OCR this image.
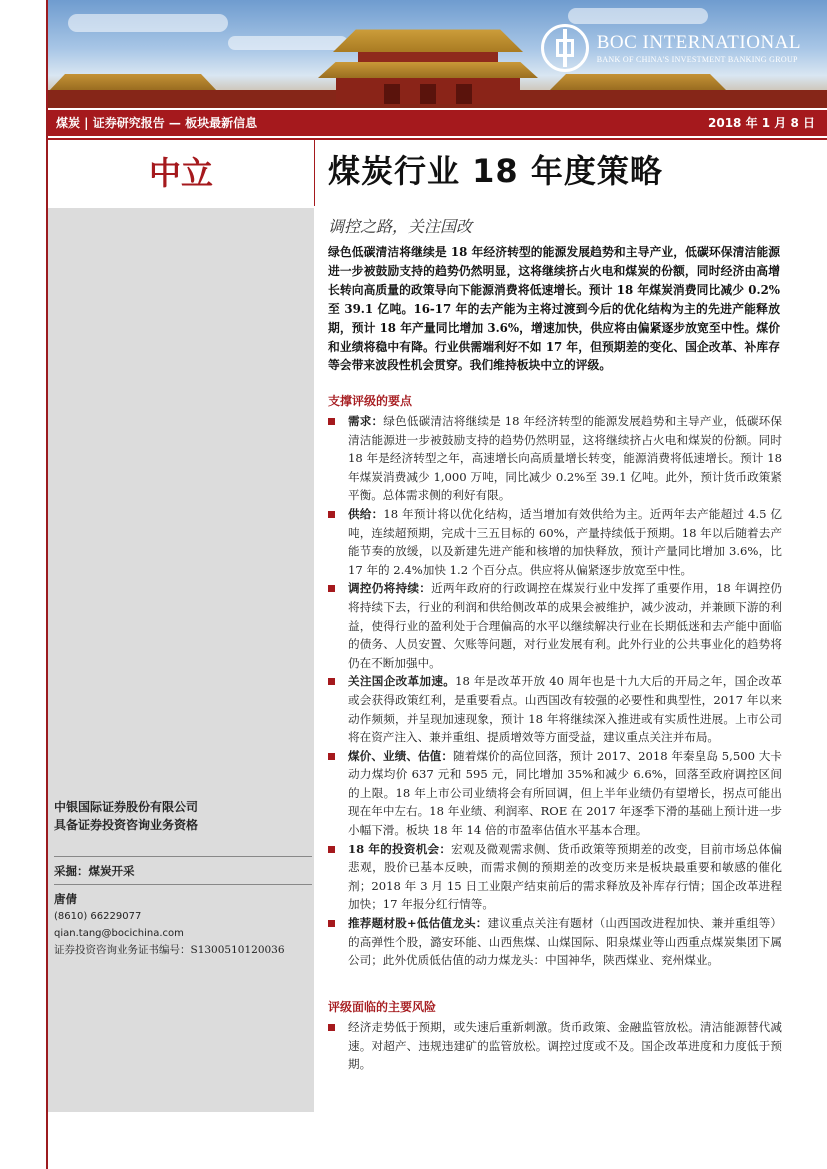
BOC INTERNATIONAL
BANK OF CHINA'S INVESTMENT BANKING GROUP
煤炭 | 证券研究报告 — 板块最新信息	2018 年 1 月 8 日
中立
中银国际证券股份有限公司
具备证券投资咨询业务资格
采掘：煤炭开采
唐倩
(8610) 66229077
qian.tang@bocichina.com
证券投资咨询业务证书编号：S1300510120036
煤炭行业 18 年度策略
调控之路，关注国改
绿色低碳清洁将继续是 18 年经济转型的能源发展趋势和主导产业，低碳环保清洁能源进一步被鼓励支持的趋势仍然明显，这将继续挤占火电和煤炭的份额，同时经济由高增长转向高质量的政策导向下能源消费将低速增长。预计 18 年煤炭消费同比减少 0.2%至 39.1 亿吨。16-17 年的去产能为主将过渡到今后的优化结构为主的先进产能释放期，预计 18 年产量同比增加 3.6%，增速加快，供应将由偏紧逐步放宽至中性。煤价和业绩将稳中有降。行业供需端利好不如 17 年，但预期差的变化、国企改革、补库存等会带来波段性机会贯穿。我们维持板块中立的评级。
支撑评级的要点
需求：绿色低碳清洁将继续是 18 年经济转型的能源发展趋势和主导产业，低碳环保清洁能源进一步被鼓励支持的趋势仍然明显，这将继续挤占火电和煤炭的份额。同时 18 年是经济转型之年，高速增长向高质量增长转变，能源消费将低速增长。预计 18 年煤炭消费减少 1,000 万吨，同比减少 0.2%至 39.1 亿吨。此外，预计货币政策紧平衡。总体需求侧的利好有限。
供给：18 年预计将以优化结构，适当增加有效供给为主。近两年去产能超过 4.5 亿吨，连续超预期，完成十三五目标的 60%，产量持续低于预期。18 年以后随着去产能节奏的放缓，以及新建先进产能和核增的加快释放，预计产量同比增加 3.6%，比 17 年的 2.4%加快 1.2 个百分点。供应将从偏紧逐步放宽至中性。
调控仍将持续：近两年政府的行政调控在煤炭行业中发挥了重要作用，18 年调控仍将持续下去，行业的利润和供给侧改革的成果会被维护，减少波动，并兼顾下游的利益，使得行业的盈利处于合理偏高的水平以继续解决行业在长期低迷和去产能中面临的债务、人员安置、欠账等问题，对行业发展有利。此外行业的公共事业化的趋势将仍在不断加强中。
关注国企改革加速。18 年是改革开放 40 周年也是十九大后的开局之年，国企改革或会获得政策红利，是重要看点。山西国改有较强的必要性和典型性，2017 年以来动作频频，并呈现加速现象，预计 18 年将继续深入推进或有实质性进展。上市公司将在资产注入、兼并重组、提质增效等方面受益，建议重点关注并布局。
煤价、业绩、估值：随着煤价的高位回落，预计 2017、2018 年秦皇岛 5,500 大卡动力煤均价 637 元和 595 元，同比增加 35%和减少 6.6%，回落至政府调控区间的上限。18 年上市公司业绩将会有所回调，但上半年业绩仍有望增长，拐点可能出现在年中左右。18 年业绩、利润率、ROE 在 2017 年逐季下滑的基础上预计进一步小幅下滑。板块 18 年 14 倍的市盈率估值水平基本合理。
18 年的投资机会：宏观及微观需求侧、货币政策等预期差的改变，目前市场总体偏悲观，股价已基本反映，而需求侧的预期差的改变历来是板块最重要和敏感的催化剂；2018 年 3 月 15 日工业限产结束前后的需求释放及补库存行情；国企改革进程加快；17 年报分红行情等。
推荐题材股+低估值龙头：建议重点关注有题材（山西国改进程加快、兼并重组等）的高弹性个股，潞安环能、山西焦煤、山煤国际、阳泉煤业等山西重点煤炭集团下属公司；此外优质低估值的动力煤龙头：中国神华，陕西煤业、兖州煤业。
评级面临的主要风险
经济走势低于预期，或失速后重新刺激。货币政策、金融监管放松。清洁能源替代减速。对超产、违规违建矿的监管放松。调控过度或不及。国企改革进度和力度低于预期。
